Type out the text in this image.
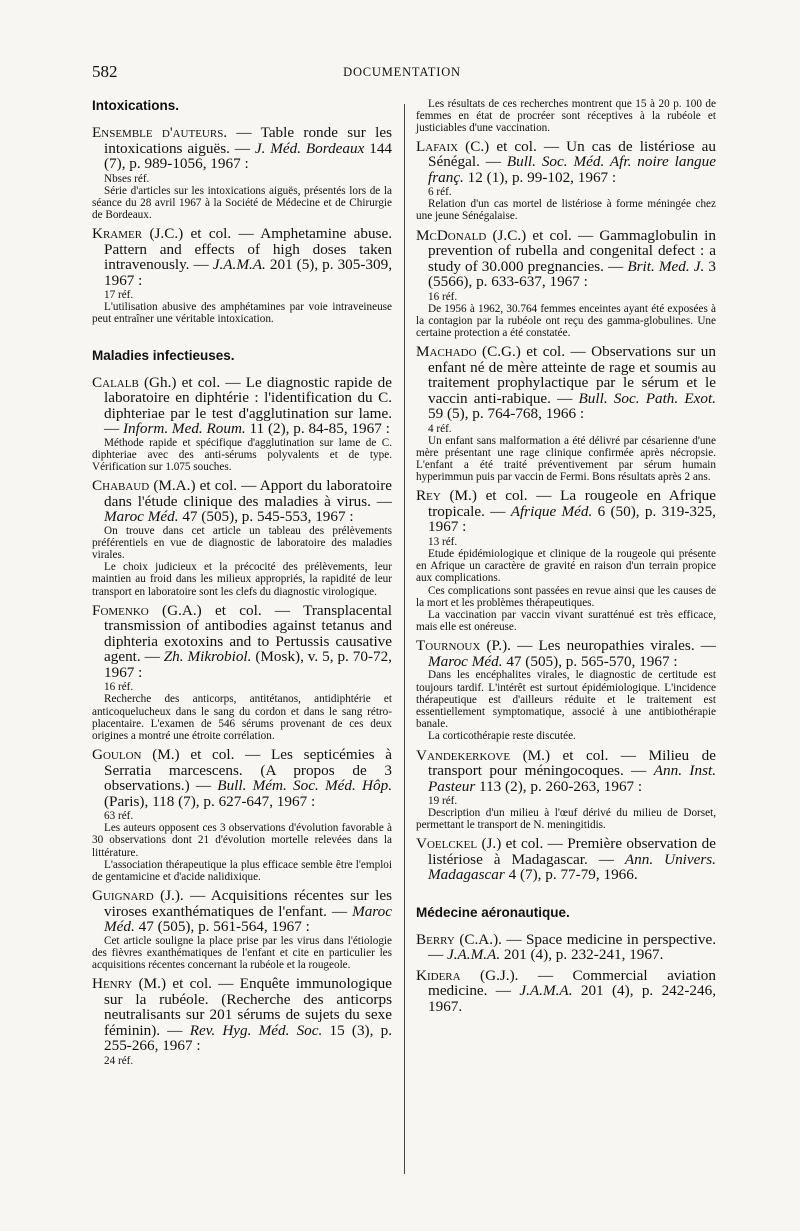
582	DOCUMENTATION
Intoxications.

Ensemble d'auteurs. — Table ronde sur les intoxications aiguës. — J. Méd. Bordeaux 144 (7), p. 989-1056, 1967 :

Nbses réf.

Série d'articles sur les intoxications aiguës, présentés lors de la séance du 28 avril 1967 à la Société de Médecine et de Chirurgie de Bordeaux.

Kramer (J.C.) et col. — Amphetamine abuse. Pattern and effects of high doses taken intravenously. — J.A.M.A. 201 (5), p. 305-309, 1967 :

17 réf.

L'utilisation abusive des amphétamines par voie intraveineuse peut entraîner une véritable intoxication.

Maladies infectieuses.

Calalb (Gh.) et col. — Le diagnostic rapide de laboratoire en diphtérie : l'identification du C. diphteriae par le test d'agglutination sur lame. — Inform. Med. Roum. 11 (2), p. 84-85, 1967 :

Méthode rapide et spécifique d'agglutination sur lame de C. diphteriae avec des anti-sérums polyvalents et de type. Vérification sur 1.075 souches.

Chabaud (M.A.) et col. — Apport du laboratoire dans l'étude clinique des maladies à virus. — Maroc Méd. 47 (505), p. 545-553, 1967 :

On trouve dans cet article un tableau des prélèvements préférentiels en vue de diagnostic de laboratoire des maladies virales.

Le choix judicieux et la précocité des prélèvements, leur maintien au froid dans les milieux appropriés, la rapidité de leur transport en laboratoire sont les clefs du diagnostic virologique.

Fomenko (G.A.) et col. — Transplacental transmission of antibodies against tetanus and diphteria exotoxins and to Pertussis causative agent. — Zh. Mikrobiol. (Mosk), v. 5, p. 70-72, 1967 :

16 réf.

Recherche des anticorps, antitétanos, antidiphtérie et anticoquelucheux dans le sang du cordon et dans le sang rétro-placentaire. L'examen de 546 sérums provenant de ces deux origines a montré une étroite corrélation.

Goulon (M.) et col. — Les septicémies à Serratia marcescens. (A propos de 3 observations.) — Bull. Mém. Soc. Méd. Hôp. (Paris), 118 (7), p. 627-647, 1967 :

63 réf.

Les auteurs opposent ces 3 observations d'évolution favorable à 30 observations dont 21 d'évolution mortelle relevées dans la littérature.

L'association thérapeutique la plus efficace semble être l'emploi de gentamicine et d'acide nalidixique.

Guignard (J.). — Acquisitions récentes sur les viroses exanthématiques de l'enfant. — Maroc Méd. 47 (505), p. 561-564, 1967 :

Cet article souligne la place prise par les virus dans l'étiologie des fièvres exanthématiques de l'enfant et cite en particulier les acquisitions récentes concernant la rubéole et la rougeole.

Henry (M.) et col. — Enquête immunologique sur la rubéole. (Recherche des anticorps neutralisants sur 201 sérums de sujets du sexe féminin). — Rev. Hyg. Méd. Soc. 15 (3), p. 255-266, 1967 :

24 réf.

Les résultats de ces recherches montrent que 15 à 20 p. 100 de femmes en état de procréer sont réceptives à la rubéole et justiciables d'une vaccination.

Lafaix (C.) et col. — Un cas de listériose au Sénégal. — Bull. Soc. Méd. Afr. noire langue franç. 12 (1), p. 99-102, 1967 :

6 réf.

Relation d'un cas mortel de listériose à forme méningée chez une jeune Sénégalaise.

McDonald (J.C.) et col. — Gammaglobulin in prevention of rubella and congenital defect : a study of 30.000 pregnancies. — Brit. Med. J. 3 (5566), p. 633-637, 1967 :

16 réf.

De 1956 à 1962, 30.764 femmes enceintes ayant été exposées à la contagion par la rubéole ont reçu des gamma-globulines. Une certaine protection a été constatée.

Machado (C.G.) et col. — Observations sur un enfant né de mère atteinte de rage et soumis au traitement prophylactique par le sérum et le vaccin anti-rabique. — Bull. Soc. Path. Exot. 59 (5), p. 764-768, 1966 :

4 réf.

Un enfant sans malformation a été délivré par césarienne d'une mère présentant une rage clinique confirmée après nécropsie. L'enfant a été traité préventivement par sérum humain hyperimmun puis par vaccin de Fermi. Bons résultats après 2 ans.

Rey (M.) et col. — La rougeole en Afrique tropicale. — Afrique Méd. 6 (50), p. 319-325, 1967 :

13 réf.

Etude épidémiologique et clinique de la rougeole qui présente en Afrique un caractère de gravité en raison d'un terrain propice aux complications.

Ces complications sont passées en revue ainsi que les causes de la mort et les problèmes thérapeutiques.

La vaccination par vaccin vivant suratténué est très efficace, mais elle est onéreuse.

Tournoux (P.). — Les neuropathies virales. — Maroc Méd. 47 (505), p. 565-570, 1967 :

Dans les encéphalites virales, le diagnostic de certitude est toujours tardif. L'intérêt est surtout épidémiologique. L'incidence thérapeutique est d'ailleurs réduite et le traitement est essentiellement symptomatique, associé à une antibiothérapie banale.

La corticothérapie reste discutée.

Vandekerkove (M.) et col. — Milieu de transport pour méningocoques. — Ann. Inst. Pasteur 113 (2), p. 260-263, 1967 :

19 réf.

Description d'un milieu à l'œuf dérivé du milieu de Dorset, permettant le transport de N. meningitidis.

Voelckel (J.) et col. — Première observation de listériose à Madagascar. — Ann. Univers. Madagascar 4 (7), p. 77-79, 1966.

Médecine aéronautique.

Berry (C.A.). — Space medicine in perspective. — J.A.M.A. 201 (4), p. 232-241, 1967.

Kidera (G.J.). — Commercial aviation medicine. — J.A.M.A. 201 (4), p. 242-246, 1967.
